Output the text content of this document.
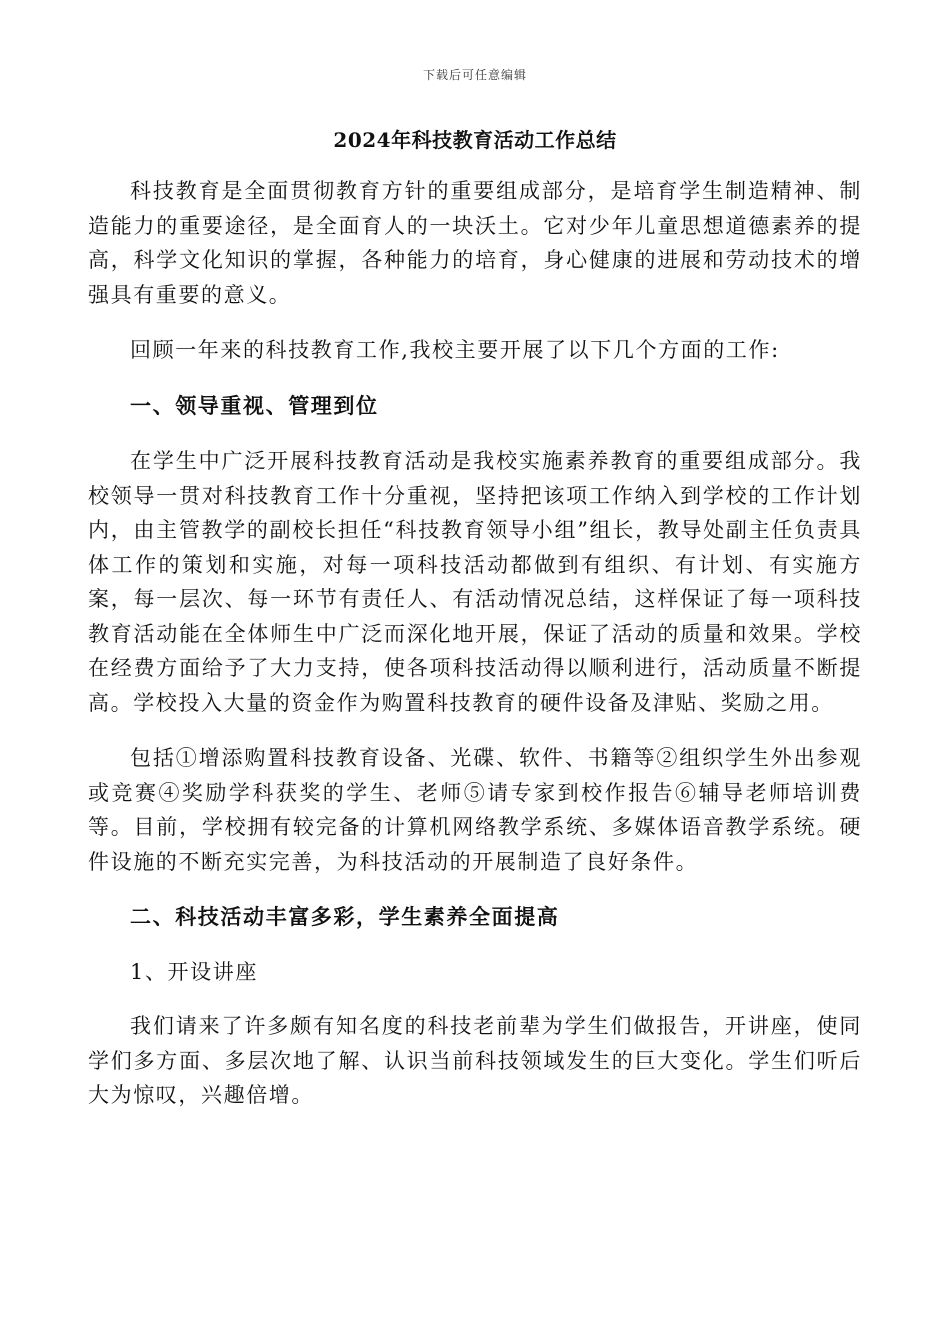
下载后可任意编辑
2024年科技教育活动工作总结

科技教育是全面贯彻教育方针的重要组成部分，是培育学生制造精神、制造能力的重要途径，是全面育人的一块沃土。它对少年儿童思想道德素养的提高，科学文化知识的掌握，各种能力的培育，身心健康的进展和劳动技术的增强具有重要的意义。

回顾一年来的科技教育工作,我校主要开展了以下几个方面的工作:

一、领导重视、管理到位

在学生中广泛开展科技教育活动是我校实施素养教育的重要组成部分。我校领导一贯对科技教育工作十分重视，坚持把该项工作纳入到学校的工作计划内，由主管教学的副校长担任“科技教育领导小组”组长，教导处副主任负责具体工作的策划和实施，对每一项科技活动都做到有组织、有计划、有实施方案，每一层次、每一环节有责任人、有活动情况总结，这样保证了每一项科技教育活动能在全体师生中广泛而深化地开展，保证了活动的质量和效果。学校在经费方面给予了大力支持，使各项科技活动得以顺利进行，活动质量不断提高。学校投入大量的资金作为购置科技教育的硬件设备及津贴、奖励之用。

包括①增添购置科技教育设备、光碟、软件、书籍等②组织学生外出参观或竞赛④奖励学科获奖的学生、老师⑤请专家到校作报告⑥辅导老师培训费等。目前，学校拥有较完备的计算机网络教学系统、多媒体语音教学系统。硬件设施的不断充实完善，为科技活动的开展制造了良好条件。

二、科技活动丰富多彩，学生素养全面提高

1、开设讲座

我们请来了许多颇有知名度的科技老前辈为学生们做报告，开讲座，使同学们多方面、多层次地了解、认识当前科技领域发生的巨大变化。学生们听后大为惊叹，兴趣倍增。
